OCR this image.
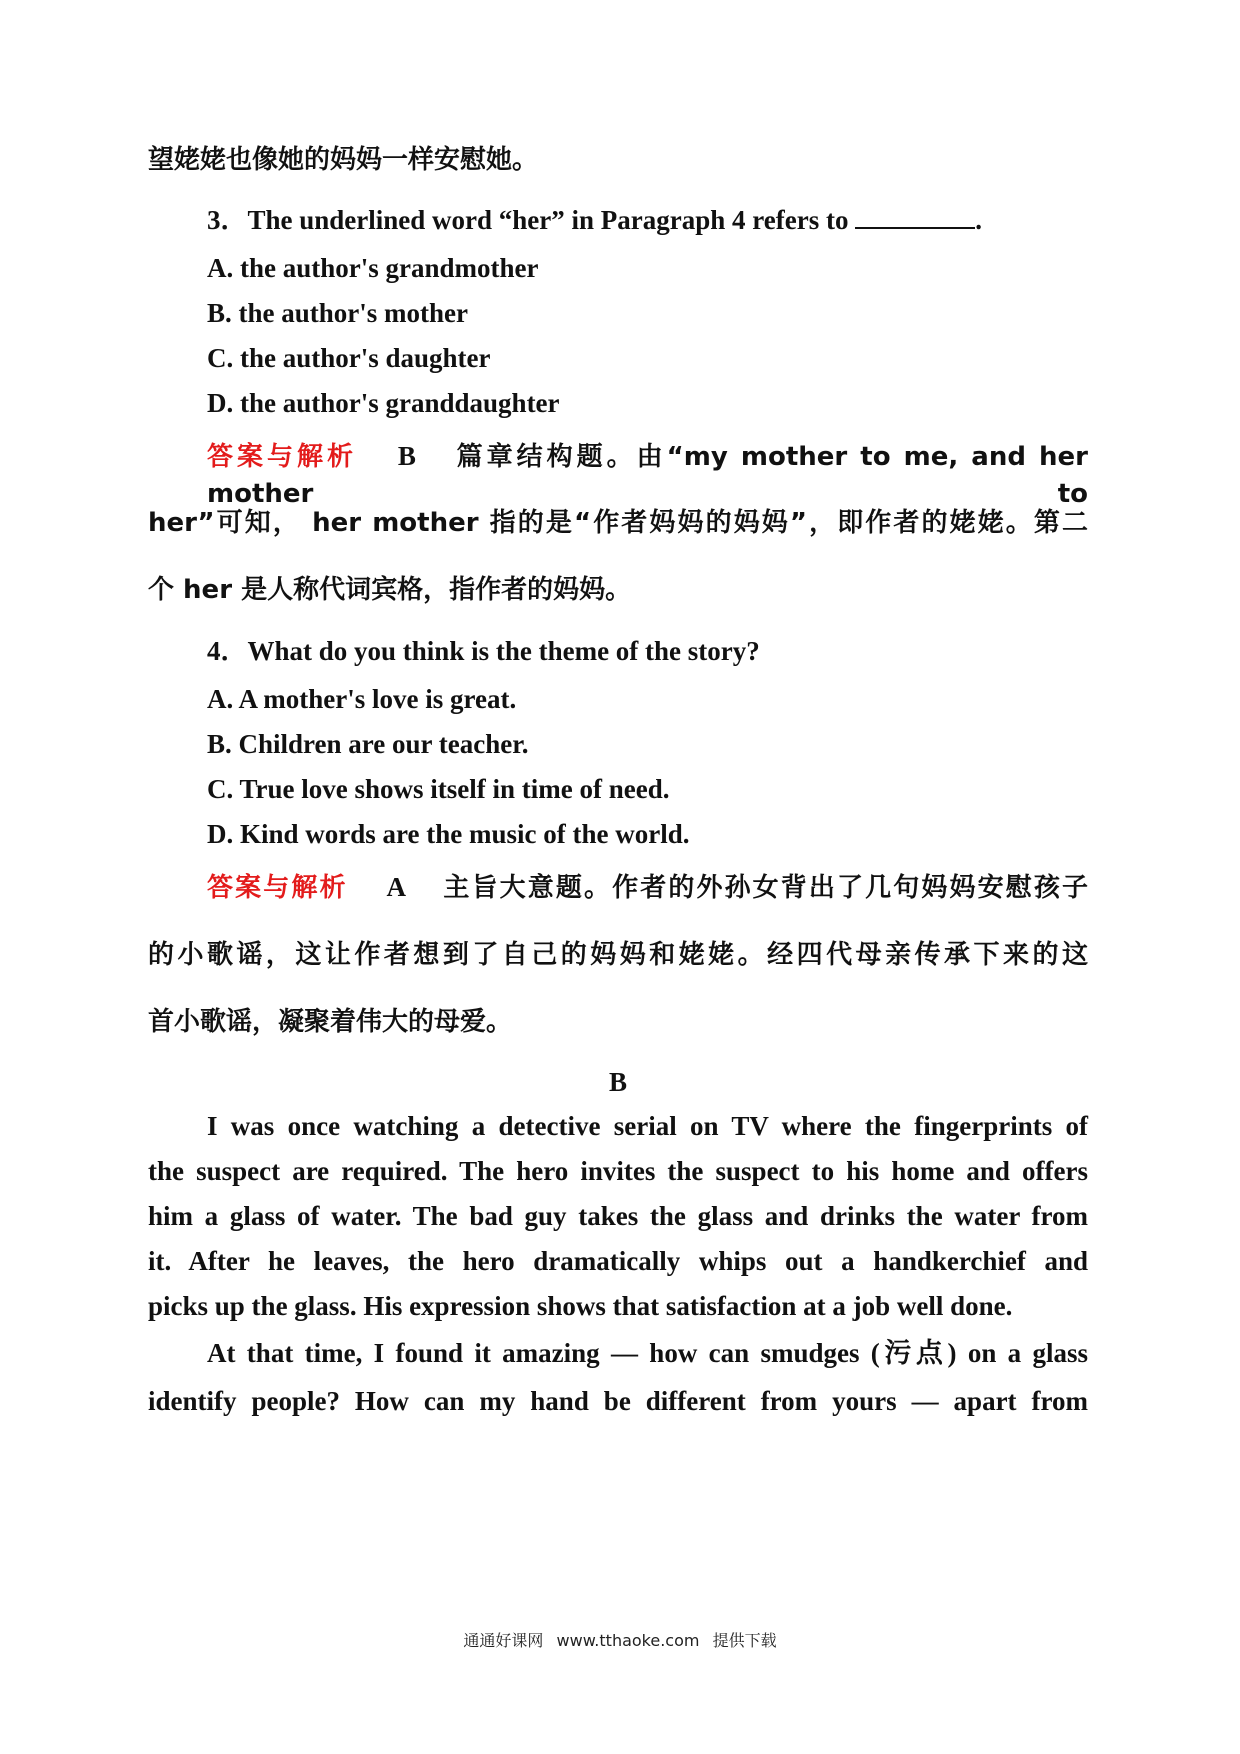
望姥姥也像她的妈妈一样安慰她。
3．The underlined word “her” in Paragraph 4 refers to	.
A. the author's grandmother
B. the author's mother
C. the author's daughter
D. the author's granddaughter
答案与解析 B 篇章结构题。由“my mother to me, and her mother to
her”可知， her mother 指的是“作者妈妈的妈妈”，即作者的姥姥。第二
个 her 是人称代词宾格，指作者的妈妈。
4．What do you think is the theme of the story?
A. A mother's love is great.
B. Children are our teacher.
C. True love shows itself in time of need.
D. Kind words are the music of the world.
答案与解析 A 主旨大意题。作者的外孙女背出了几句妈妈安慰孩子
的小歌谣，这让作者想到了自己的妈妈和姥姥。经四代母亲传承下来的这
首小歌谣，凝聚着伟大的母爱。
B
I was once watching a detective serial on TV where the fingerprints of
the suspect are required. The hero invites the suspect to his home and offers
him a glass of water. The bad guy takes the glass and drinks the water from
it. After he leaves, the hero dramatically whips out a handkerchief and
picks up the glass. His expression shows that satisfaction at a job well done.
At that time, I found it amazing — how can smudges (污点) on a glass
identify people? How can my hand be different from yours — apart from
通通好课网 www.tthaoke.com 提供下载
